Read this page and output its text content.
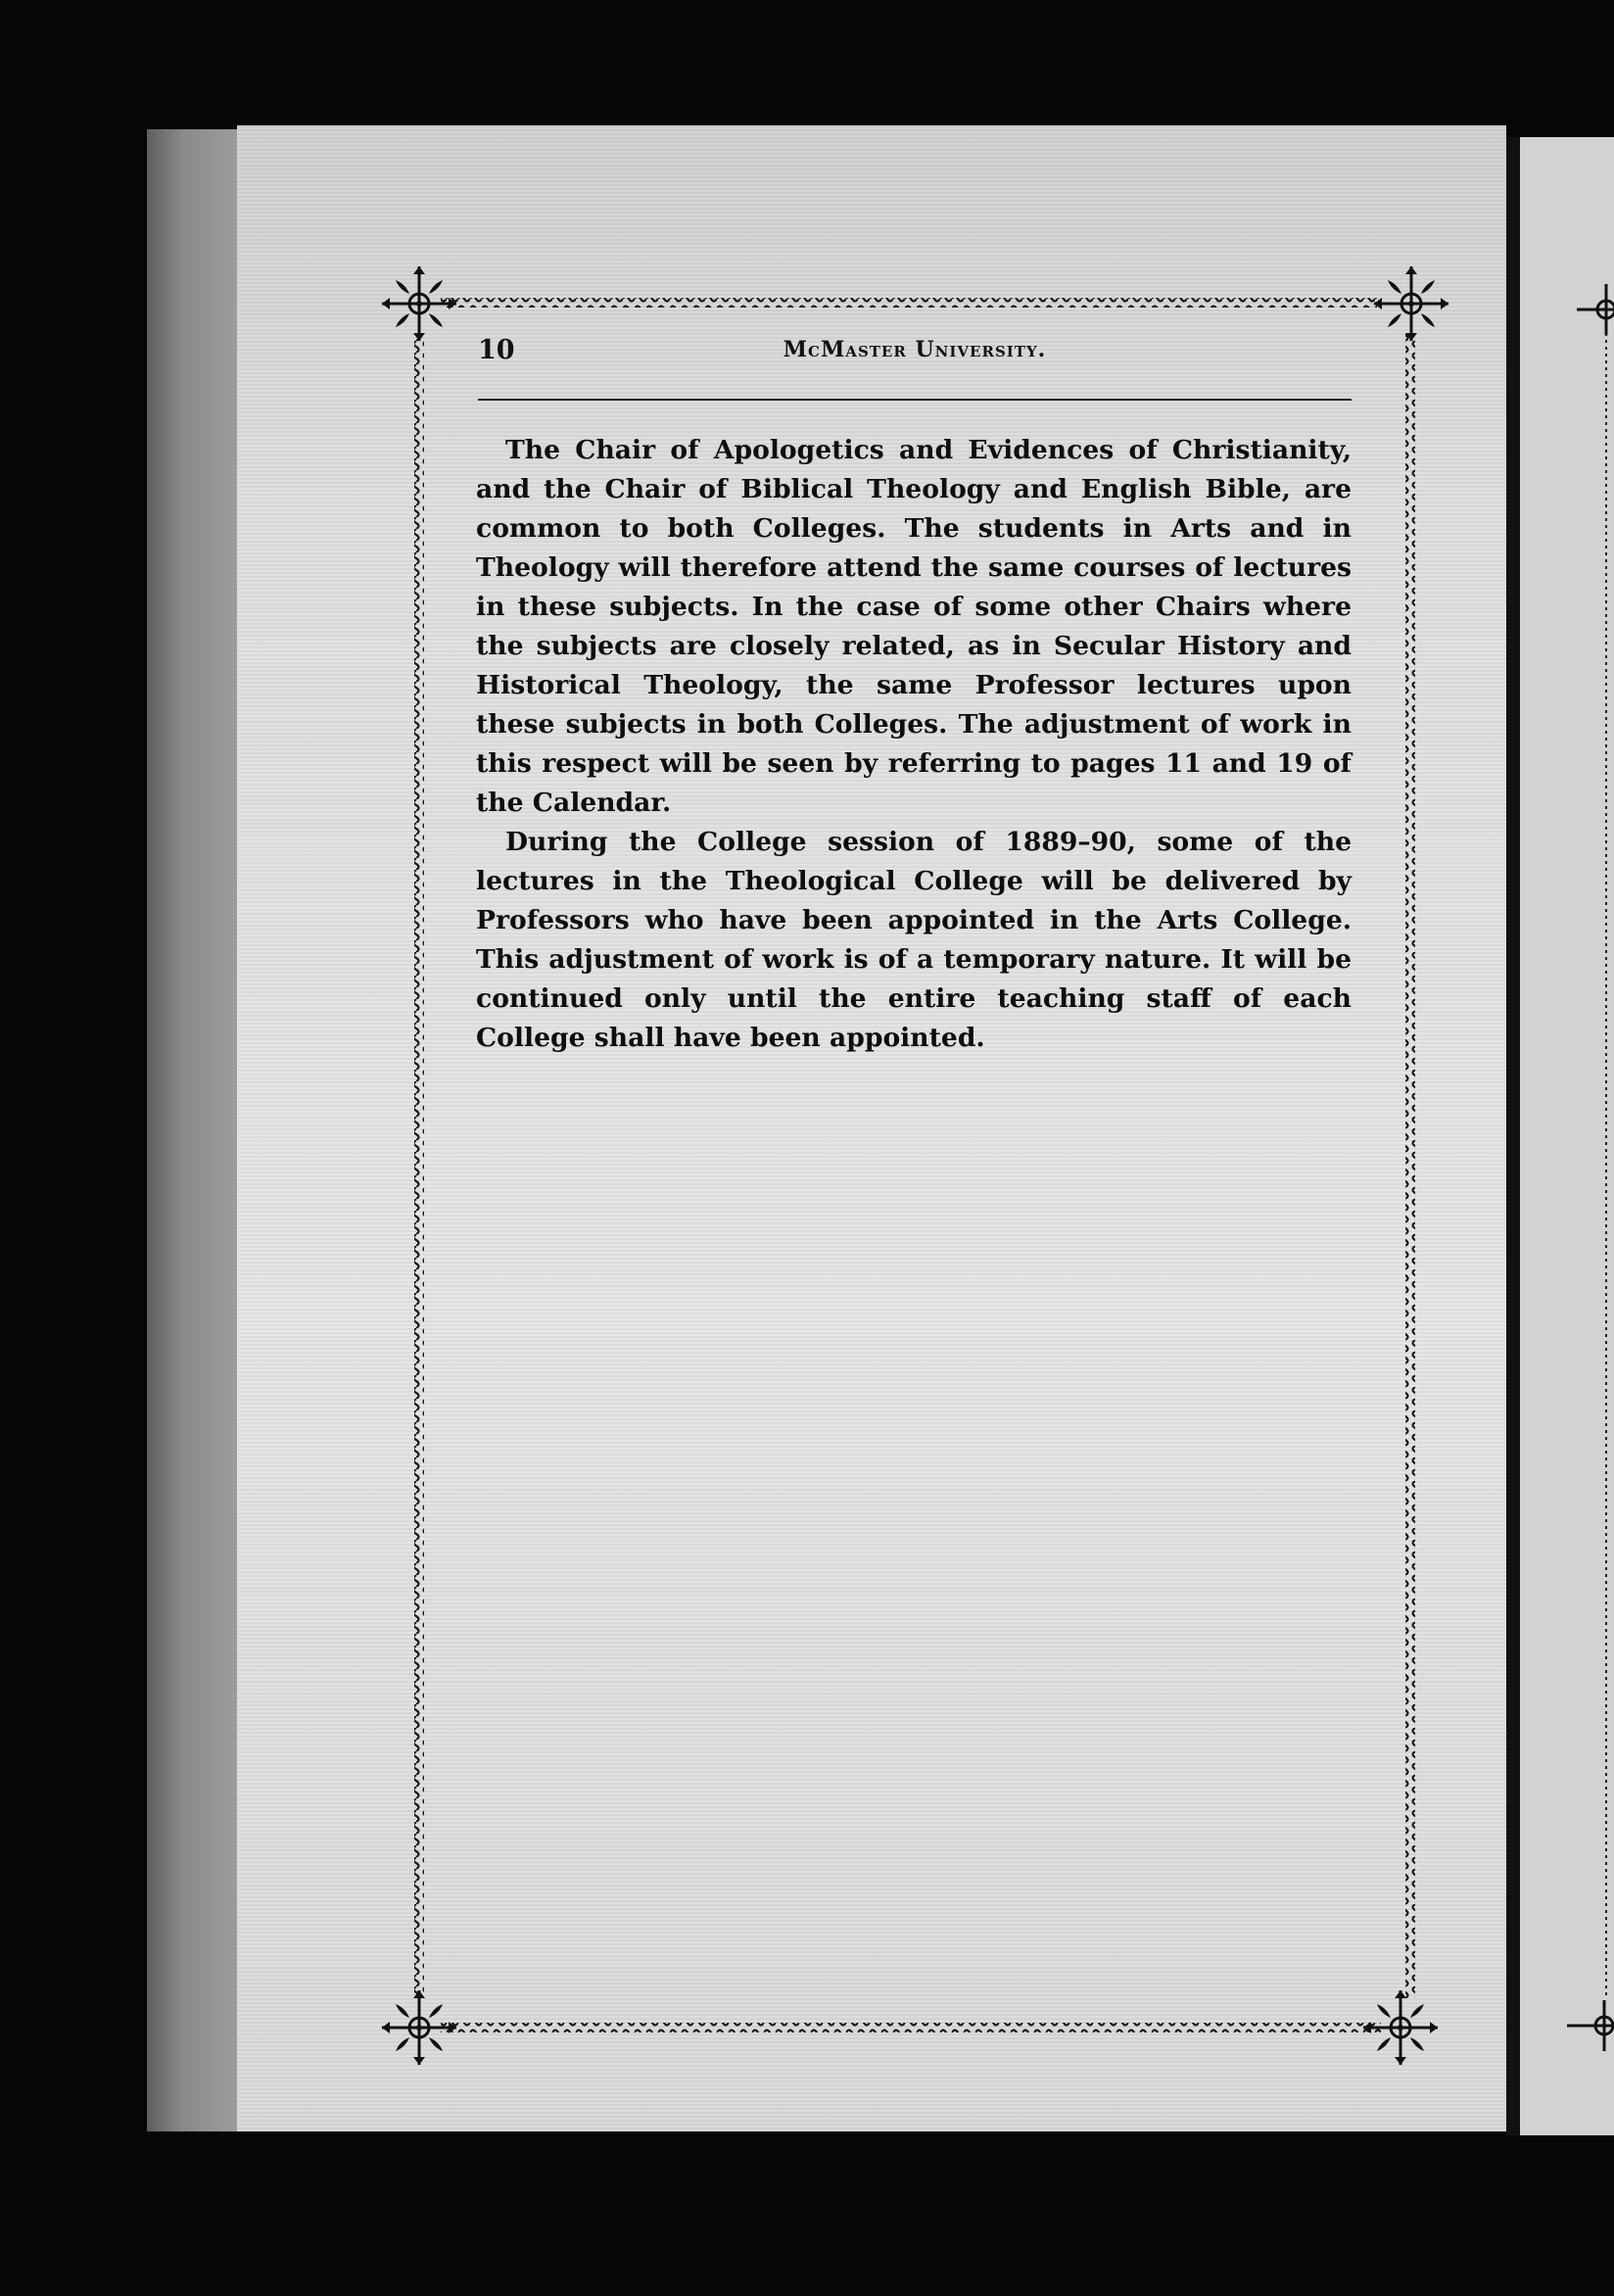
10	McMaster University.

The Chair of Apologetics and Evidences of Christianity, and the Chair of Biblical Theology and English Bible, are common to both Colleges. The students in Arts and in Theology will therefore attend the same courses of lectures in these subjects. In the case of some other Chairs where the subjects are closely related, as in Secular History and Historical Theology, the same Professor lectures upon these subjects in both Colleges. The adjustment of work in this respect will be seen by referring to pages 11 and 19 of the Calendar.

During the College session of 1889–90, some of the lectures in the Theological College will be delivered by Professors who have been appointed in the Arts College. This adjustment of work is of a temporary nature. It will be continued only until the entire teaching staff of each College shall have been appointed.
